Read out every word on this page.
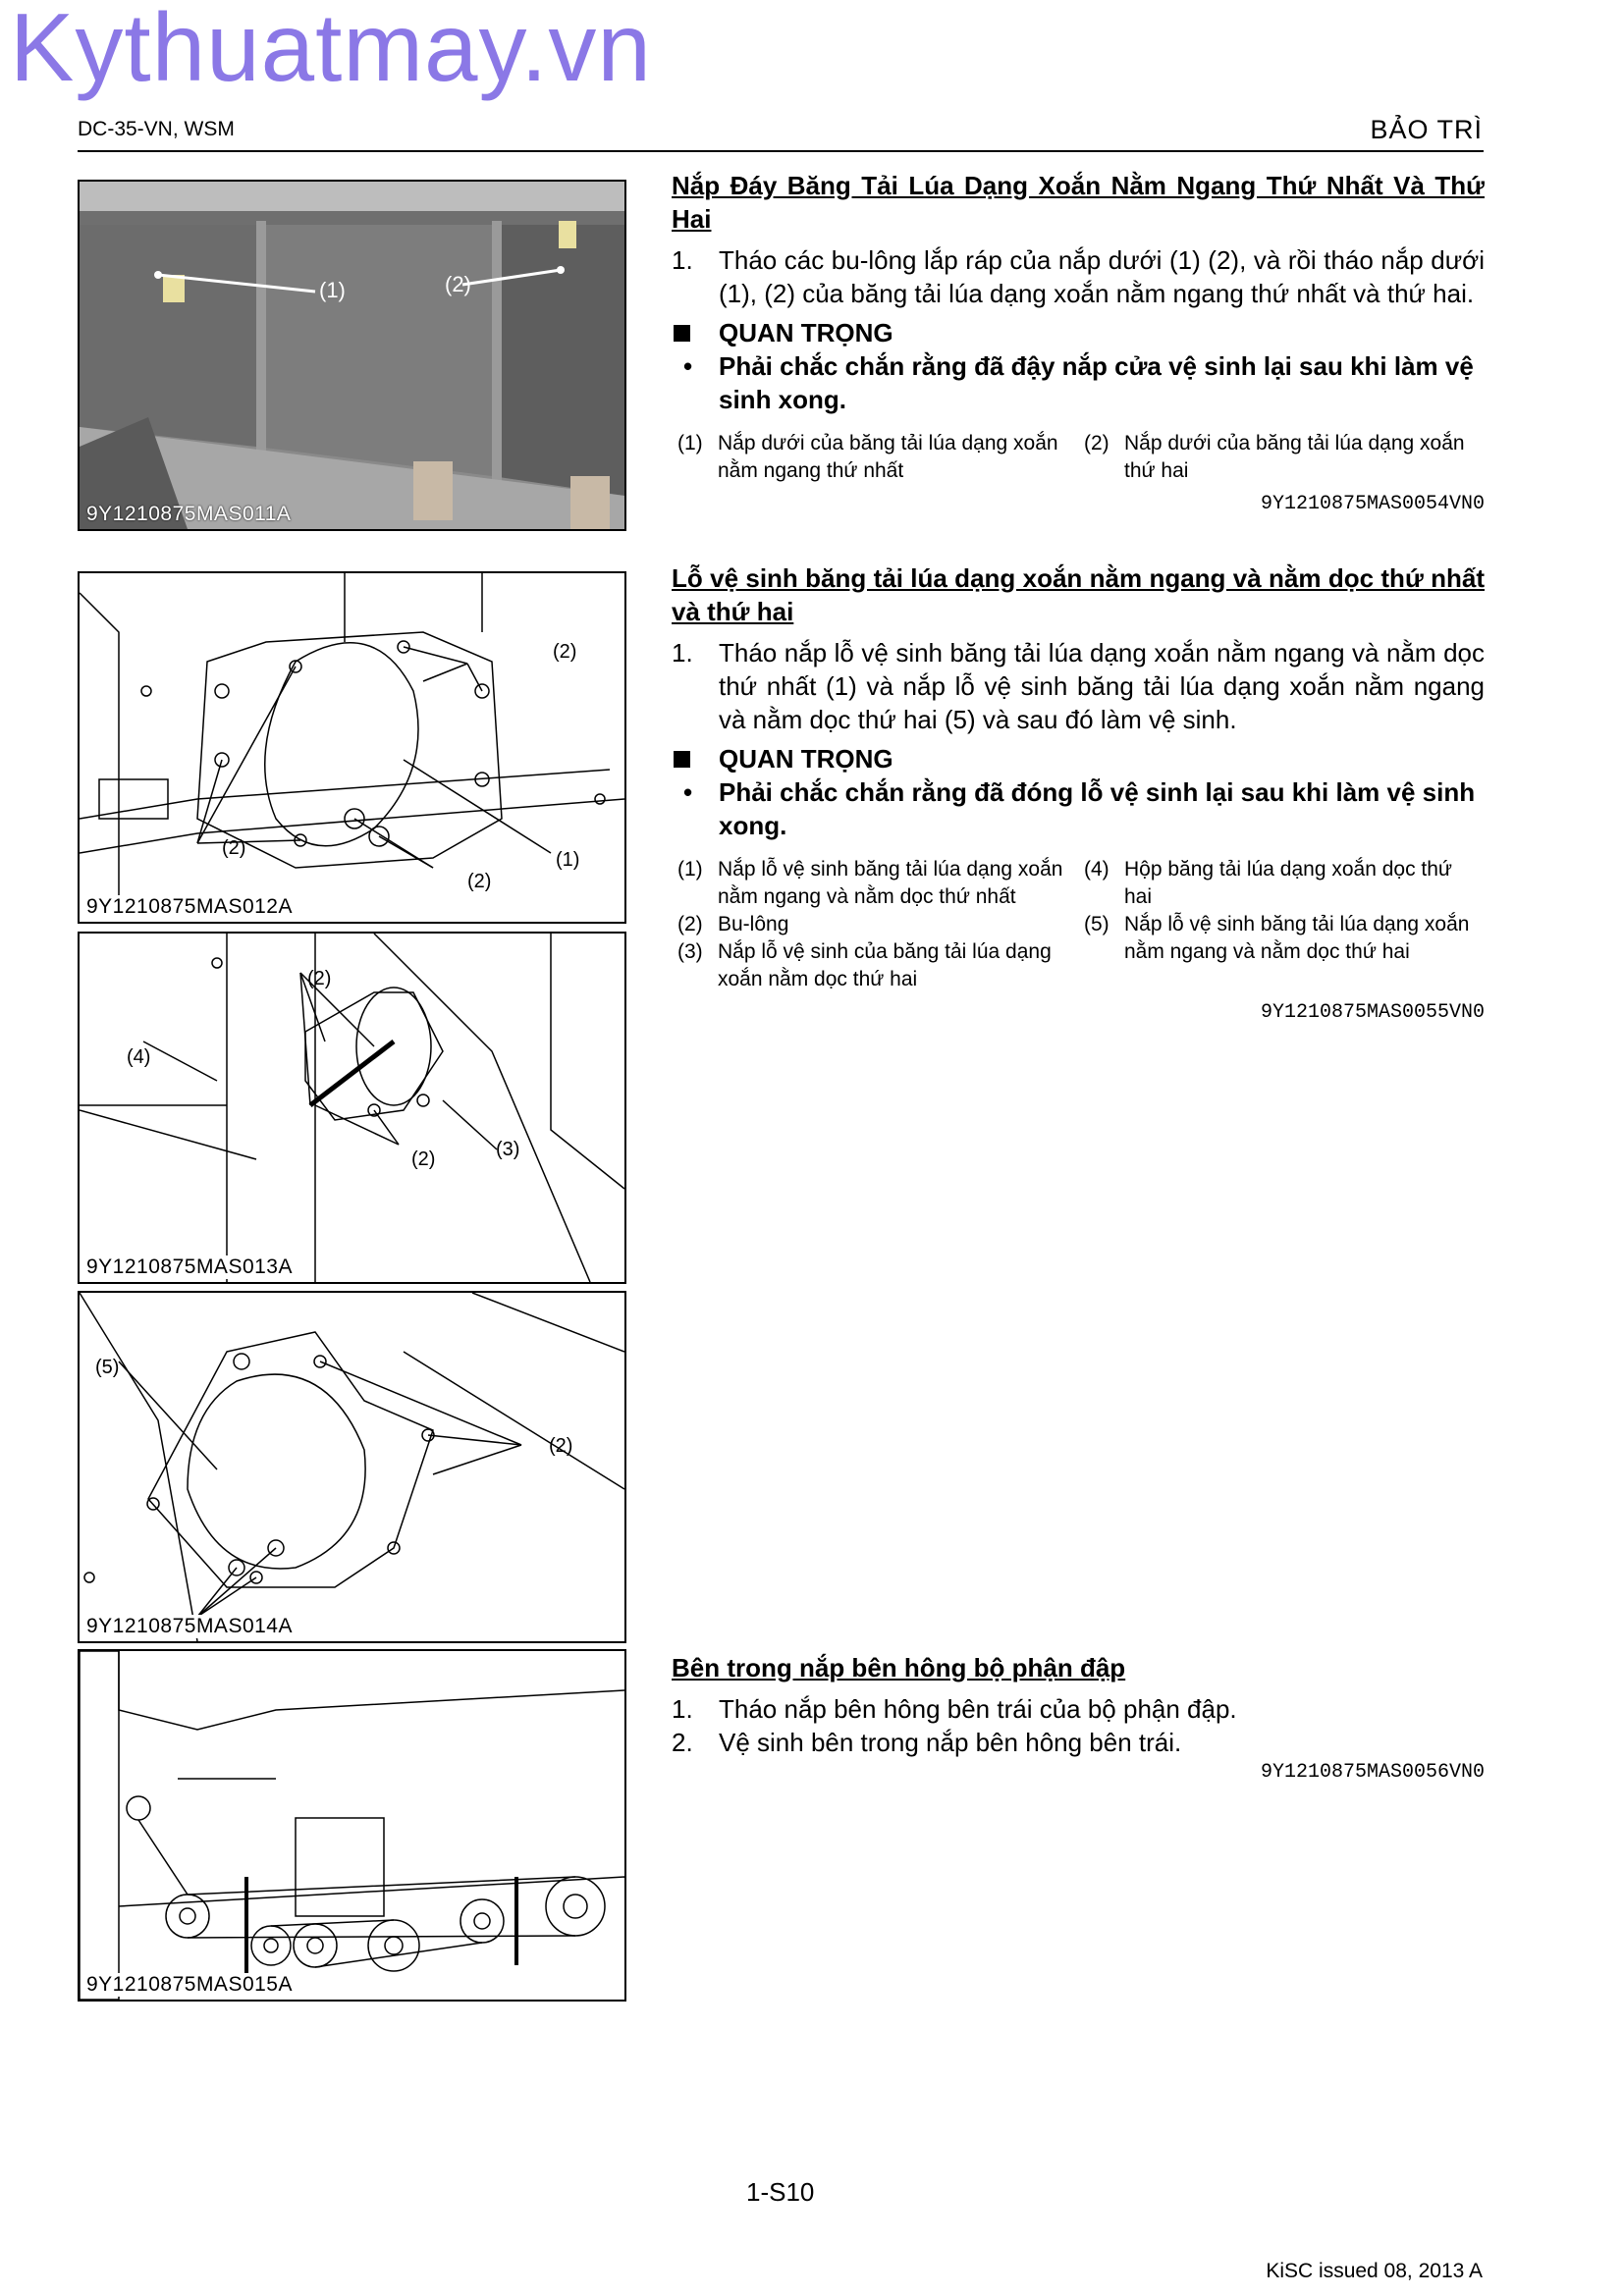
Kythuatmay.vn
DC-35-VN, WSM	BẢO TRÌ
(1)	(2)
9Y1210875MAS011A
(2)
(2)
(2)
(1)
9Y1210875MAS012A
(2)
(4)
(2)	(3)
9Y1210875MAS013A
(5)
(2)
9Y1210875MAS014A
9Y1210875MAS015A
Nắp Đáy Băng Tải Lúa Dạng Xoắn Nằm Ngang Thứ Nhất Và Thứ Hai
1. Tháo các bu-lông lắp ráp của nắp dưới (1) (2), và rồi tháo nắp dưới (1), (2) của băng tải lúa dạng xoắn nằm ngang thứ nhất và thứ hai.
QUAN TRỌNG
• Phải chắc chắn rằng đã đậy nắp cửa vệ sinh lại sau khi làm vệ sinh xong.
(1) Nắp dưới của băng tải lúa dạng xoắn nằm ngang thứ nhất
(2) Nắp dưới của băng tải lúa dạng xoắn thứ hai
9Y1210875MAS0054VN0
Lỗ vệ sinh băng tải lúa dạng xoắn nằm ngang và nằm dọc thứ nhất và thứ hai
1. Tháo nắp lỗ vệ sinh băng tải lúa dạng xoắn nằm ngang và nằm dọc thứ nhất (1) và nắp lỗ vệ sinh băng tải lúa dạng xoắn nằm ngang và nằm dọc thứ hai (5) và sau đó làm vệ sinh.
QUAN TRỌNG
• Phải chắc chắn rằng đã đóng lỗ vệ sinh lại sau khi làm vệ sinh xong.
(1) Nắp lỗ vệ sinh băng tải lúa dạng xoắn nằm ngang và nằm dọc thứ nhất
(2) Bu-lông
(3) Nắp lỗ vệ sinh của băng tải lúa dạng xoắn nằm dọc thứ hai
(4) Hộp băng tải lúa dạng xoắn dọc thứ hai
(5) Nắp lỗ vệ sinh băng tải lúa dạng xoắn nằm ngang và nằm dọc thứ hai
9Y1210875MAS0055VN0
Bên trong nắp bên hông bộ phận đập
1. Tháo nắp bên hông bên trái của bộ phận đập.
2. Vệ sinh bên trong nắp bên hông bên trái.
9Y1210875MAS0056VN0
1-S10
KiSC issued 08, 2013 A
